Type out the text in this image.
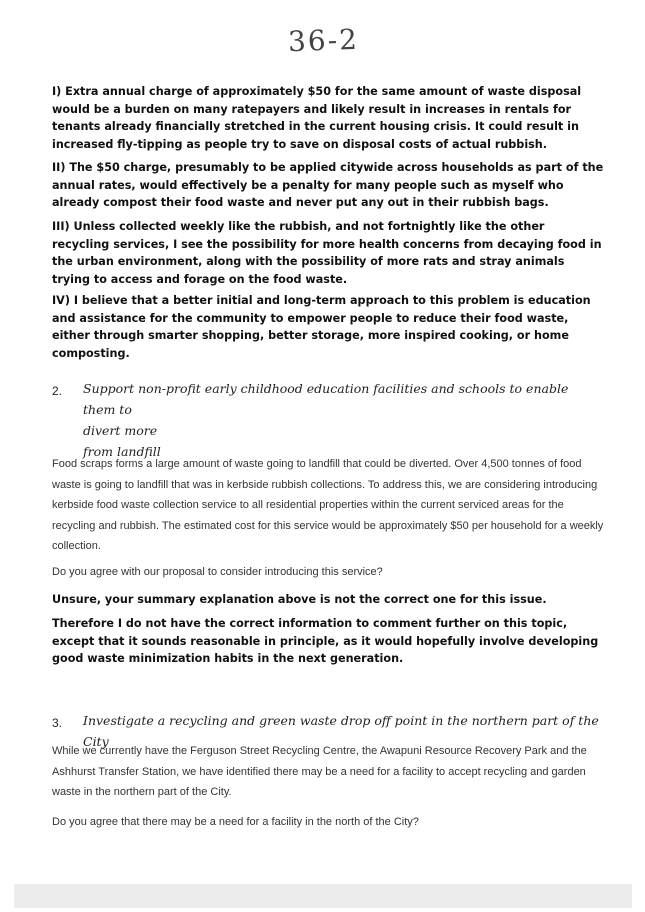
36-2

I) Extra annual charge of approximately $50 for the same amount of waste disposal would be a burden on many ratepayers and likely result in increases in rentals for tenants already financially stretched in the current housing crisis. It could result in increased fly-tipping as people try to save on disposal costs of actual rubbish.

II) The $50 charge, presumably to be applied citywide across households as part of the annual rates, would effectively be a penalty for many people such as myself who already compost their food waste and never put any out in their rubbish bags.

III) Unless collected weekly like the rubbish, and not fortnightly like the other recycling services, I see the possibility for more health concerns from decaying food in the urban environment, along with the possibility of more rats and stray animals trying to access and forage on the food waste.

IV) I believe that a better initial and long-term approach to this problem is education and assistance for the community to empower people to reduce their food waste, either through smarter shopping, better storage, more inspired cooking, or home composting.

2. Support non-profit early childhood education facilities and schools to enable them to
divert more
from landfill

Food scraps forms a large amount of waste going to landfill that could be diverted. Over 4,500 tonnes of food waste is going to landfill that was in kerbside rubbish collections. To address this, we are considering introducing kerbside food waste collection service to all residential properties within the current serviced areas for the recycling and rubbish. The estimated cost for this service would be approximately $50 per household for a weekly collection.

Do you agree with our proposal to consider introducing this service?

Unsure, your summary explanation above is not the correct one for this issue.

Therefore I do not have the correct information to comment further on this topic, except that it sounds reasonable in principle, as it would hopefully involve developing good waste minimization habits in the next generation.

3. Investigate a recycling and green waste drop off point in the northern part of the City

While we currently have the Ferguson Street Recycling Centre, the Awapuni Resource Recovery Park and the Ashhurst Transfer Station, we have identified there may be a need for a facility to accept recycling and garden waste in the northern part of the City.

Do you agree that there may be a need for a facility in the north of the City?
